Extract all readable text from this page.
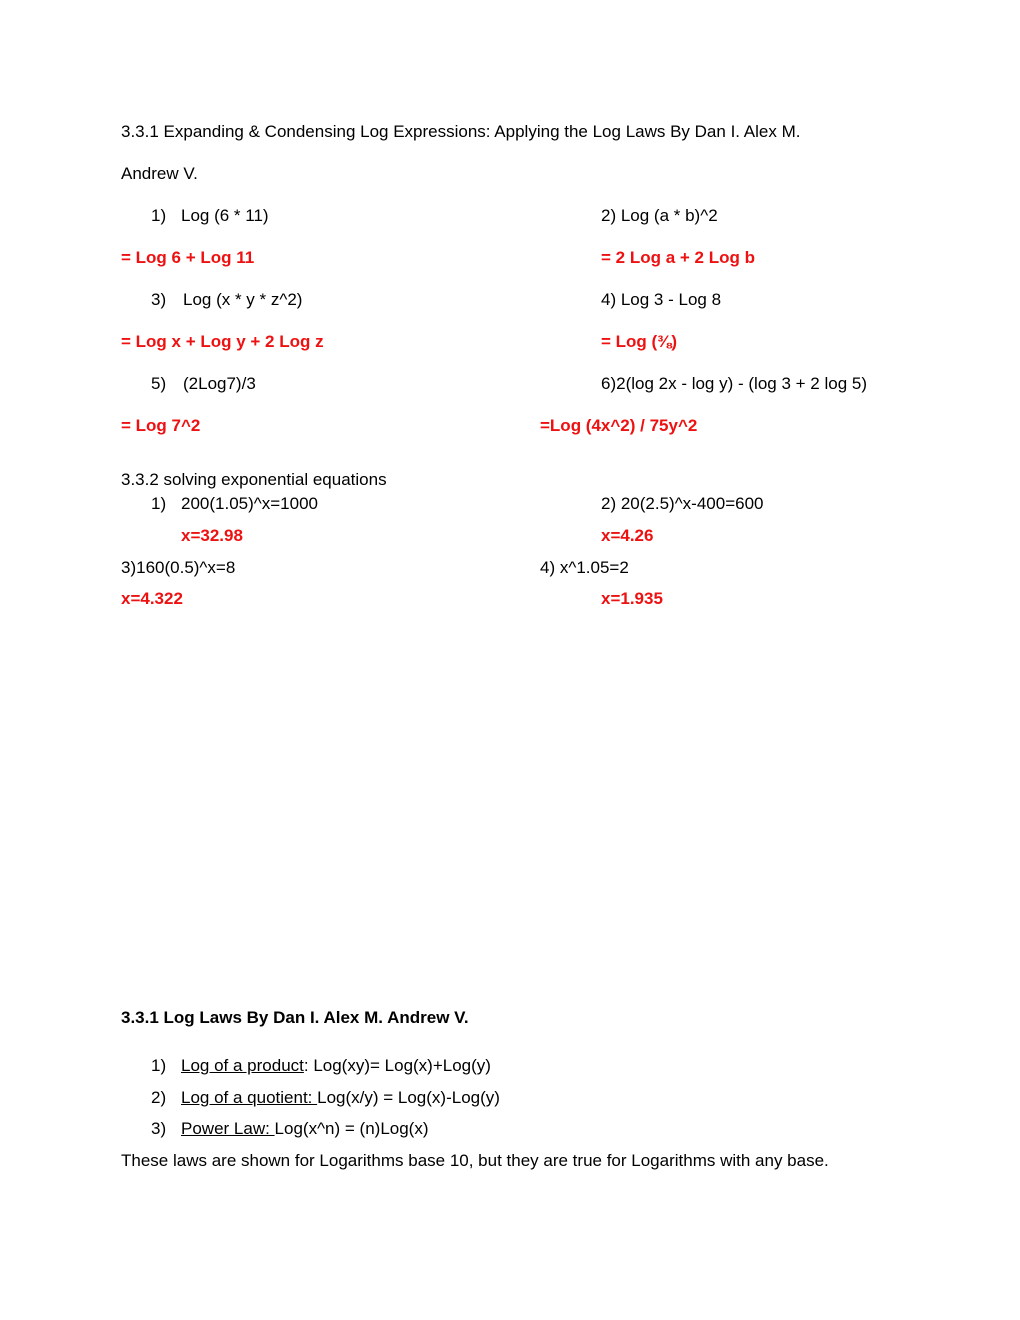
3.3.1 Expanding & Condensing Log Expressions: Applying the Log Laws By Dan I. Alex M.
Andrew V.
1) Log (6 * 11)	2) Log (a * b)^2
= Log 6 + Log 11	= 2 Log a + 2 Log b
3) Log (x * y * z^2)	4) Log 3 - Log 8
= Log x + Log y + 2 Log z	= Log (⅜)
5) (2Log7)/3	6)2(log 2x - log y) - (log 3 + 2 log 5)
= Log 7^2	=Log (4x^2) / 75y^2
3.3.2 solving exponential equations
1) 200(1.05)^x=1000	2) 20(2.5)^x-400=600
x=32.98	x=4.26
3)160(0.5)^x=8	4) x^1.05=2
x=4.322	x=1.935
3.3.1 Log Laws By Dan I. Alex M. Andrew V.
1) Log of a product: Log(xy)= Log(x)+Log(y)
2) Log of a quotient: Log(x/y) = Log(x)-Log(y)
3) Power Law: Log(x^n) = (n)Log(x)
These laws are shown for Logarithms base 10, but they are true for Logarithms with any base.
